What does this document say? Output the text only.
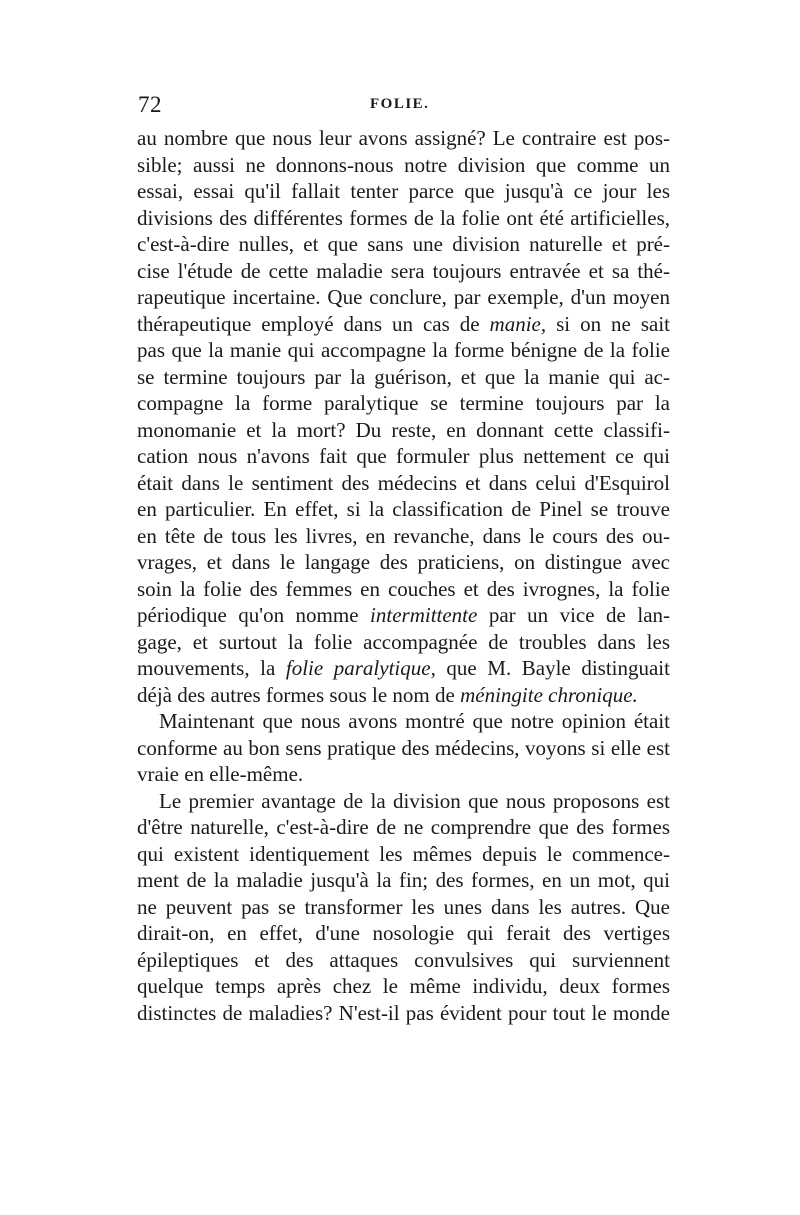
72	FOLIE.
au nombre que nous leur avons assigné? Le contraire est pos-
sible; aussi ne donnons-nous notre division que comme un
essai, essai qu'il fallait tenter parce que jusqu'à ce jour les
divisions des différentes formes de la folie ont été artificielles,
c'est-à-dire nulles, et que sans une division naturelle et pré-
cise l'étude de cette maladie sera toujours entravée et sa thé-
rapeutique incertaine. Que conclure, par exemple, d'un moyen
thérapeutique employé dans un cas de manie, si on ne sait
pas que la manie qui accompagne la forme bénigne de la folie
se termine toujours par la guérison, et que la manie qui ac-
compagne la forme paralytique se termine toujours par la
monomanie et la mort? Du reste, en donnant cette classifi-
cation nous n'avons fait que formuler plus nettement ce qui
était dans le sentiment des médecins et dans celui d'Esquirol
en particulier. En effet, si la classification de Pinel se trouve
en tête de tous les livres, en revanche, dans le cours des ou-
vrages, et dans le langage des praticiens, on distingue avec
soin la folie des femmes en couches et des ivrognes, la folie
périodique qu'on nomme intermittente par un vice de lan-
gage, et surtout la folie accompagnée de troubles dans les
mouvements, la folie paralytique, que M. Bayle distinguait
déjà des autres formes sous le nom de méningite chronique.
Maintenant que nous avons montré que notre opinion était
conforme au bon sens pratique des médecins, voyons si elle est
vraie en elle-même.
Le premier avantage de la division que nous proposons est
d'être naturelle, c'est-à-dire de ne comprendre que des formes
qui existent identiquement les mêmes depuis le commence-
ment de la maladie jusqu'à la fin; des formes, en un mot, qui
ne peuvent pas se transformer les unes dans les autres. Que
dirait-on, en effet, d'une nosologie qui ferait des vertiges
épileptiques et des attaques convulsives qui surviennent
quelque temps après chez le même individu, deux formes
distinctes de maladies? N'est-il pas évident pour tout le monde
